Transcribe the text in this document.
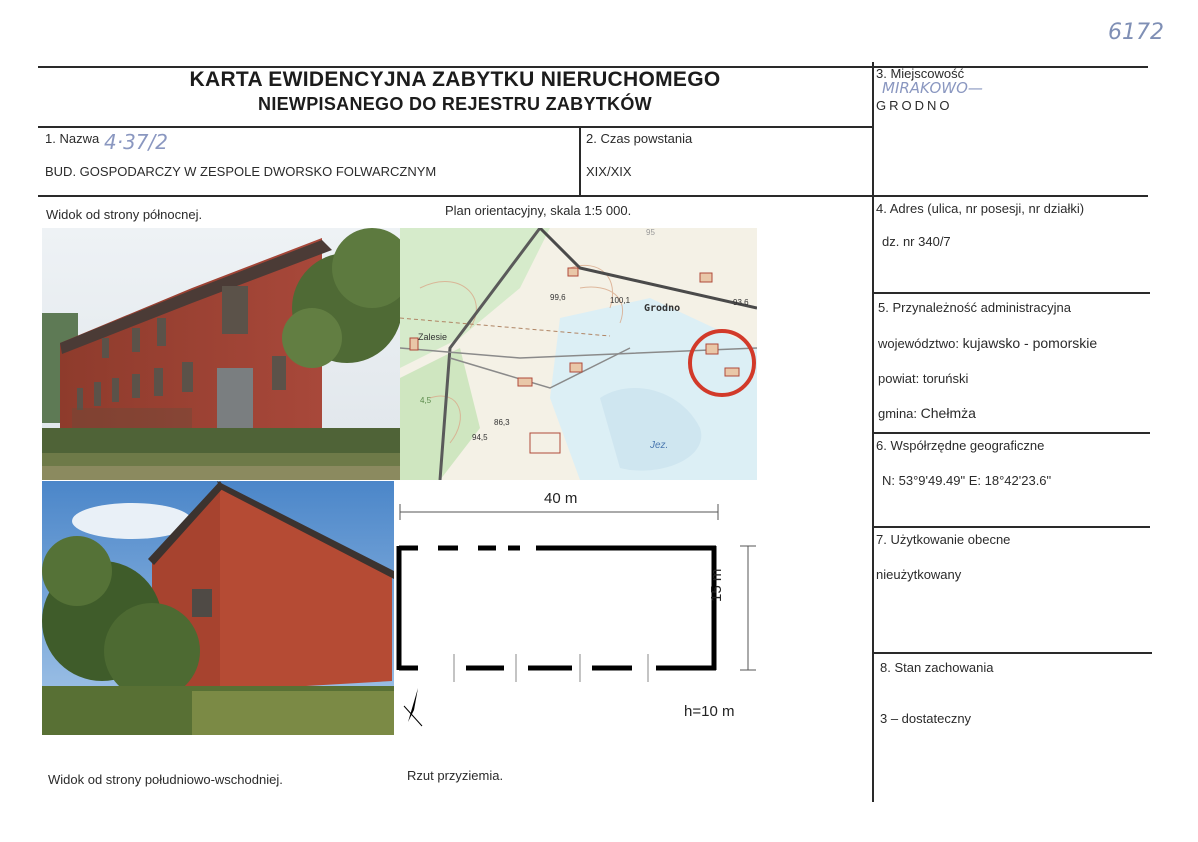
6172
KARTA EWIDENCYJNA ZABYTKU NIERUCHOMEGO
NIEWPISANEGO DO REJESTRU ZABYTKÓW
1. Nazwa 4·37/2
BUD. GOSPODARCZY W ZESPOLE DWORSKO FOLWARCZNYM
2. Czas powstania
XIX/XIX
3. Miejscowość
MIRAKOWO—
GRODNO
4. Adres (ulica, nr posesji, nr działki)
dz. nr 340/7
5. Przynależność administracyjna
województwo: kujawsko - pomorskie
powiat: toruński
gmina: Chełmża
6. Współrzędne geograficzne
N: 53°9'49.49" E: 18°42'23.6"
7. Użytkowanie obecne
nieużytkowany
8. Stan zachowania
3 – dostateczny
Widok od strony północnej.	Plan orientacyjny, skala 1:5 000.
Widok od strony południowo-wschodniej.	Rzut przyziemia.
Grodno
Zalesie
Jez.
99,6	100,1	93,6
86,3
94,5
95
4,5
40 m
15 m
h=10 m
